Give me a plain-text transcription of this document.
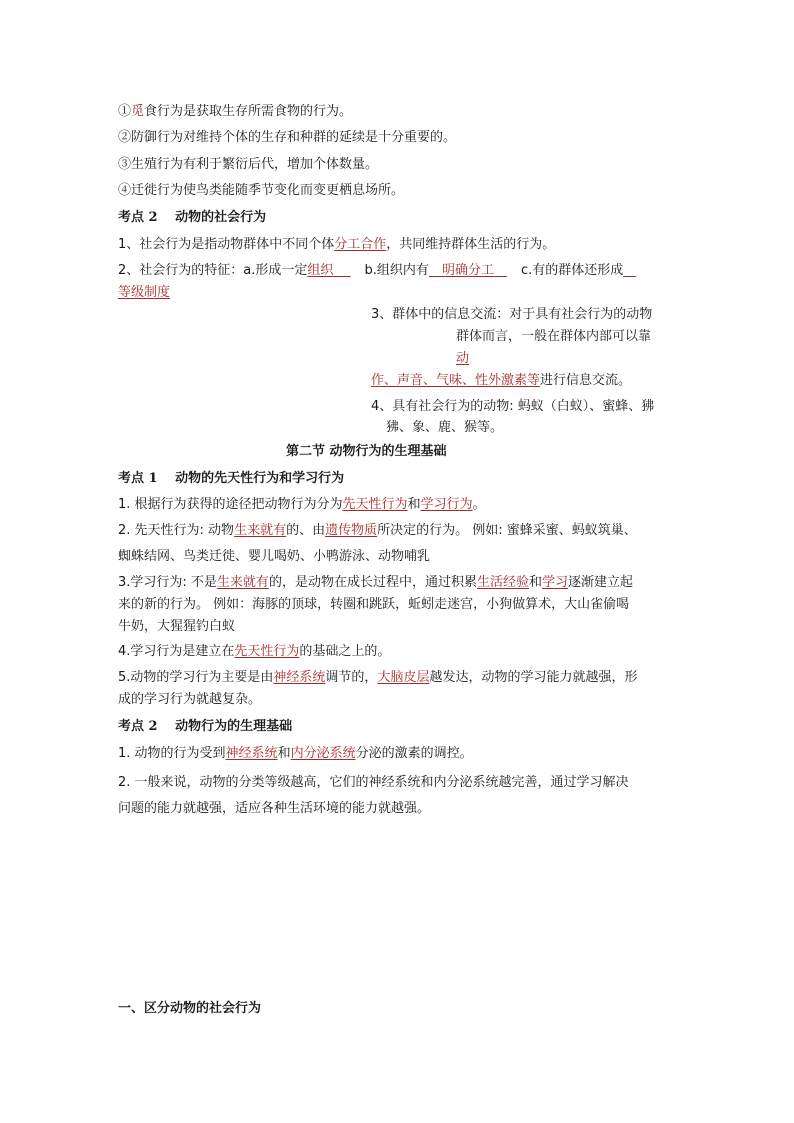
①觅食行为是获取生存所需食物的行为。
②防御行为对维持个体的生存和种群的延续是十分重要的。
③生殖行为有利于繁衍后代，增加个体数量。
④迁徙行为使鸟类能随季节变化而变更栖息场所。
考点 2　 动物的社会行为
1、社会行为是指动物群体中不同个体分工合作，共同维持群体生活的行为。
2、社会行为的特征：a.形成一定组织　 b.组织内有　 明确分工　 c.有的群体还形成　
等级制度
3、群体中的信息交流：对于具有社会行为的动物
群体而言，一般在群体内部可以靠
动
作、声音、气味、性外激素等进行信息交流。
4、具有社会行为的动物: 蚂蚁（白蚁）、蜜蜂、狒
狒、象、鹿、猴等。
第二节 动物行为的生理基础
考点 1　 动物的先天性行为和学习行为
1. 根据行为获得的途径把动物行为分为先天性行为和学习行为。
2. 先天性行为: 动物生来就有的、由遗传物质所决定的行为。 例如: 蜜蜂采蜜、蚂蚁筑巢、
蜘蛛结网、鸟类迁徙、婴儿喝奶、小鸭游泳、动物哺乳
3.学习行为: 不是生来就有的，是动物在成长过程中，通过积累生活经验和学习逐渐建立起
来的新的行为。 例如：海豚的顶球，转圈和跳跃，蚯蚓走迷宫，小狗做算术，大山雀偷喝
牛奶，大猩猩钓白蚁
4.学习行为是建立在先天性行为的基础之上的。
5.动物的学习行为主要是由神经系统调节的，大脑皮层越发达，动物的学习能力就越强，形
成的学习行为就越复杂。
考点 2　 动物行为的生理基础
1. 动物的行为受到神经系统和内分泌系统分泌的激素的调控。
2. 一般来说，动物的分类等级越高，它们的神经系统和内分泌系统越完善，通过学习解决
问题的能力就越强，适应各种生活环境的能力就越强。
一、区分动物的社会行为
